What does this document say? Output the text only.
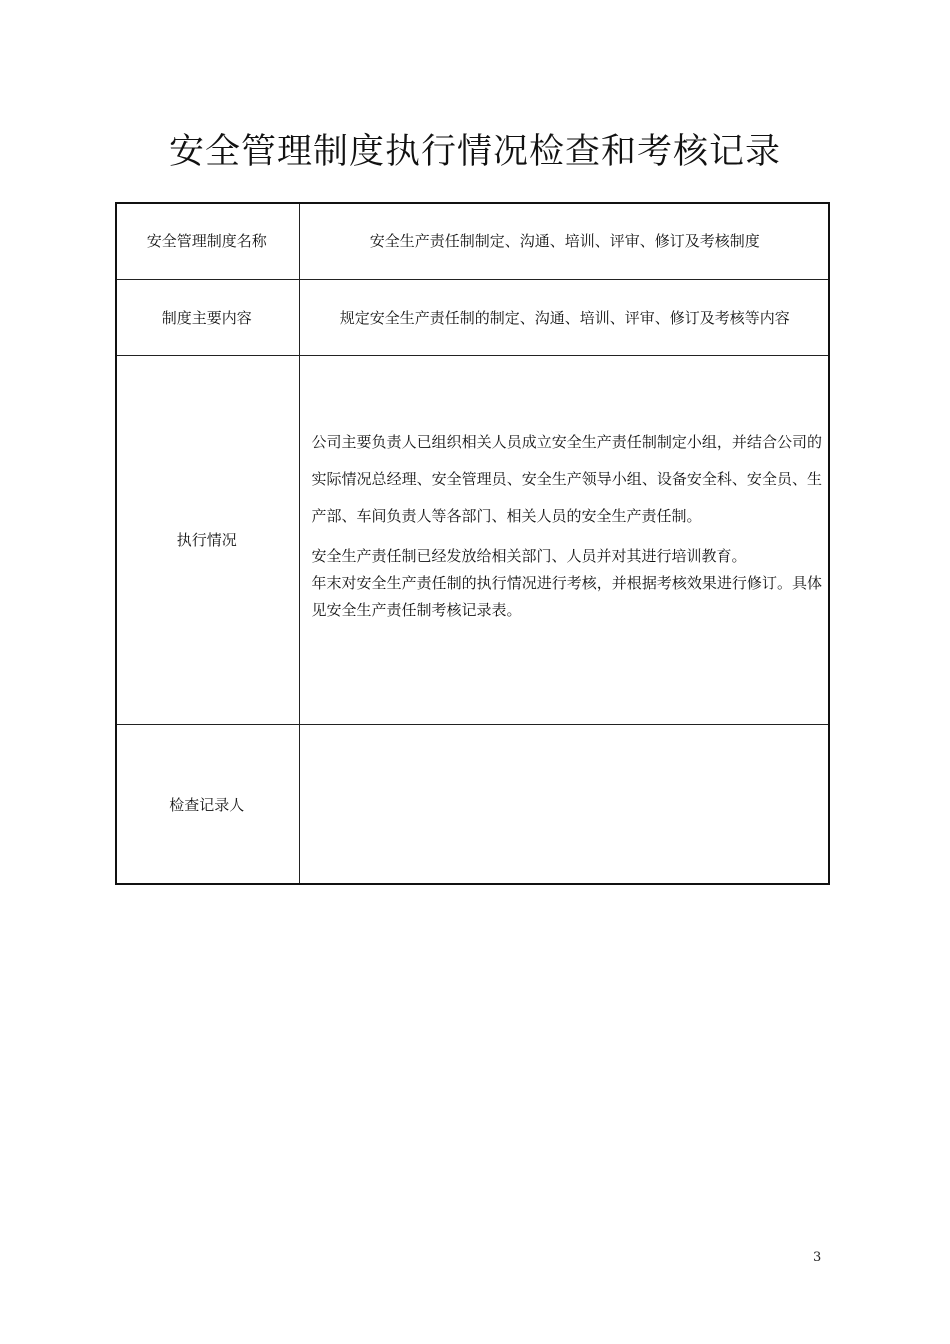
安全管理制度执行情况检查和考核记录
安全管理制度名称	安全生产责任制制定、沟通、培训、评审、修订及考核制度
制度主要内容	规定安全生产责任制的制定、沟通、培训、评审、修订及考核等内容
执行情况	公司主要负责人已组织相关人员成立安全生产责任制制定小组，并结合公司的实际情况总经理、安全管理员、安全生产领导小组、设备安全科、安全员、生产部、车间负责人等各部门、相关人员的安全生产责任制。

安全生产责任制已经发放给相关部门、人员并对其进行培训教育。

年末对安全生产责任制的执行情况进行考核，并根据考核效果进行修订。具体见安全生产责任制考核记录表。

检查记录人	
3
